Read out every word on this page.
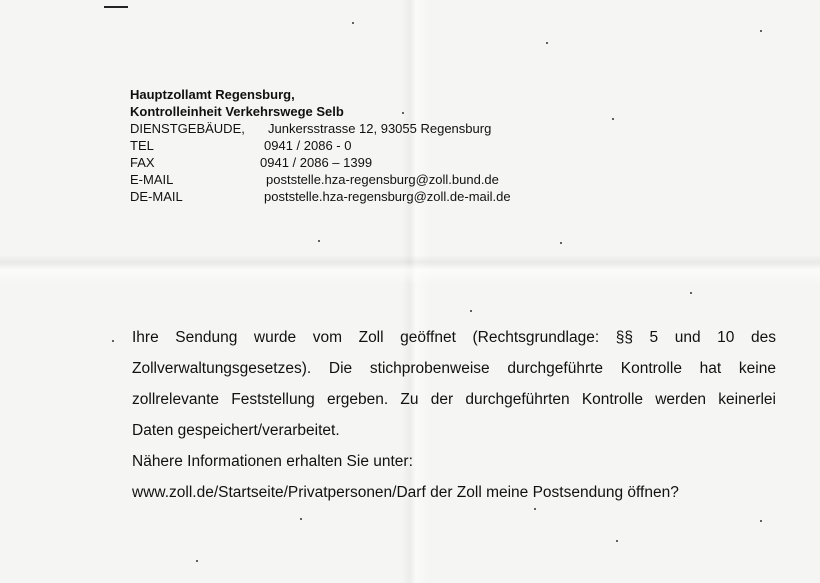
Hauptzollamt Regensburg,
Kontrolleinheit Verkehrswege Selb
DIENSTGEBÄUDE, Junkersstrasse 12, 93055 Regensburg
TEL	0941 / 2086 - 0
FAX	0941 / 2086 – 1399
E-MAIL	poststelle.hza-regensburg@zoll.bund.de
DE-MAIL	poststelle.hza-regensburg@zoll.de-mail.de
Ihre Sendung wurde vom Zoll geöffnet (Rechtsgrundlage: §§ 5 und 10 des
Zollverwaltungsgesetzes). Die stichprobenweise durchgeführte Kontrolle hat keine
zollrelevante Feststellung ergeben. Zu der durchgeführten Kontrolle werden keinerlei
Daten gespeichert/verarbeitet.
Nähere Informationen erhalten Sie unter:
www.zoll.de/Startseite/Privatpersonen/Darf der Zoll meine Postsendung öffnen?
